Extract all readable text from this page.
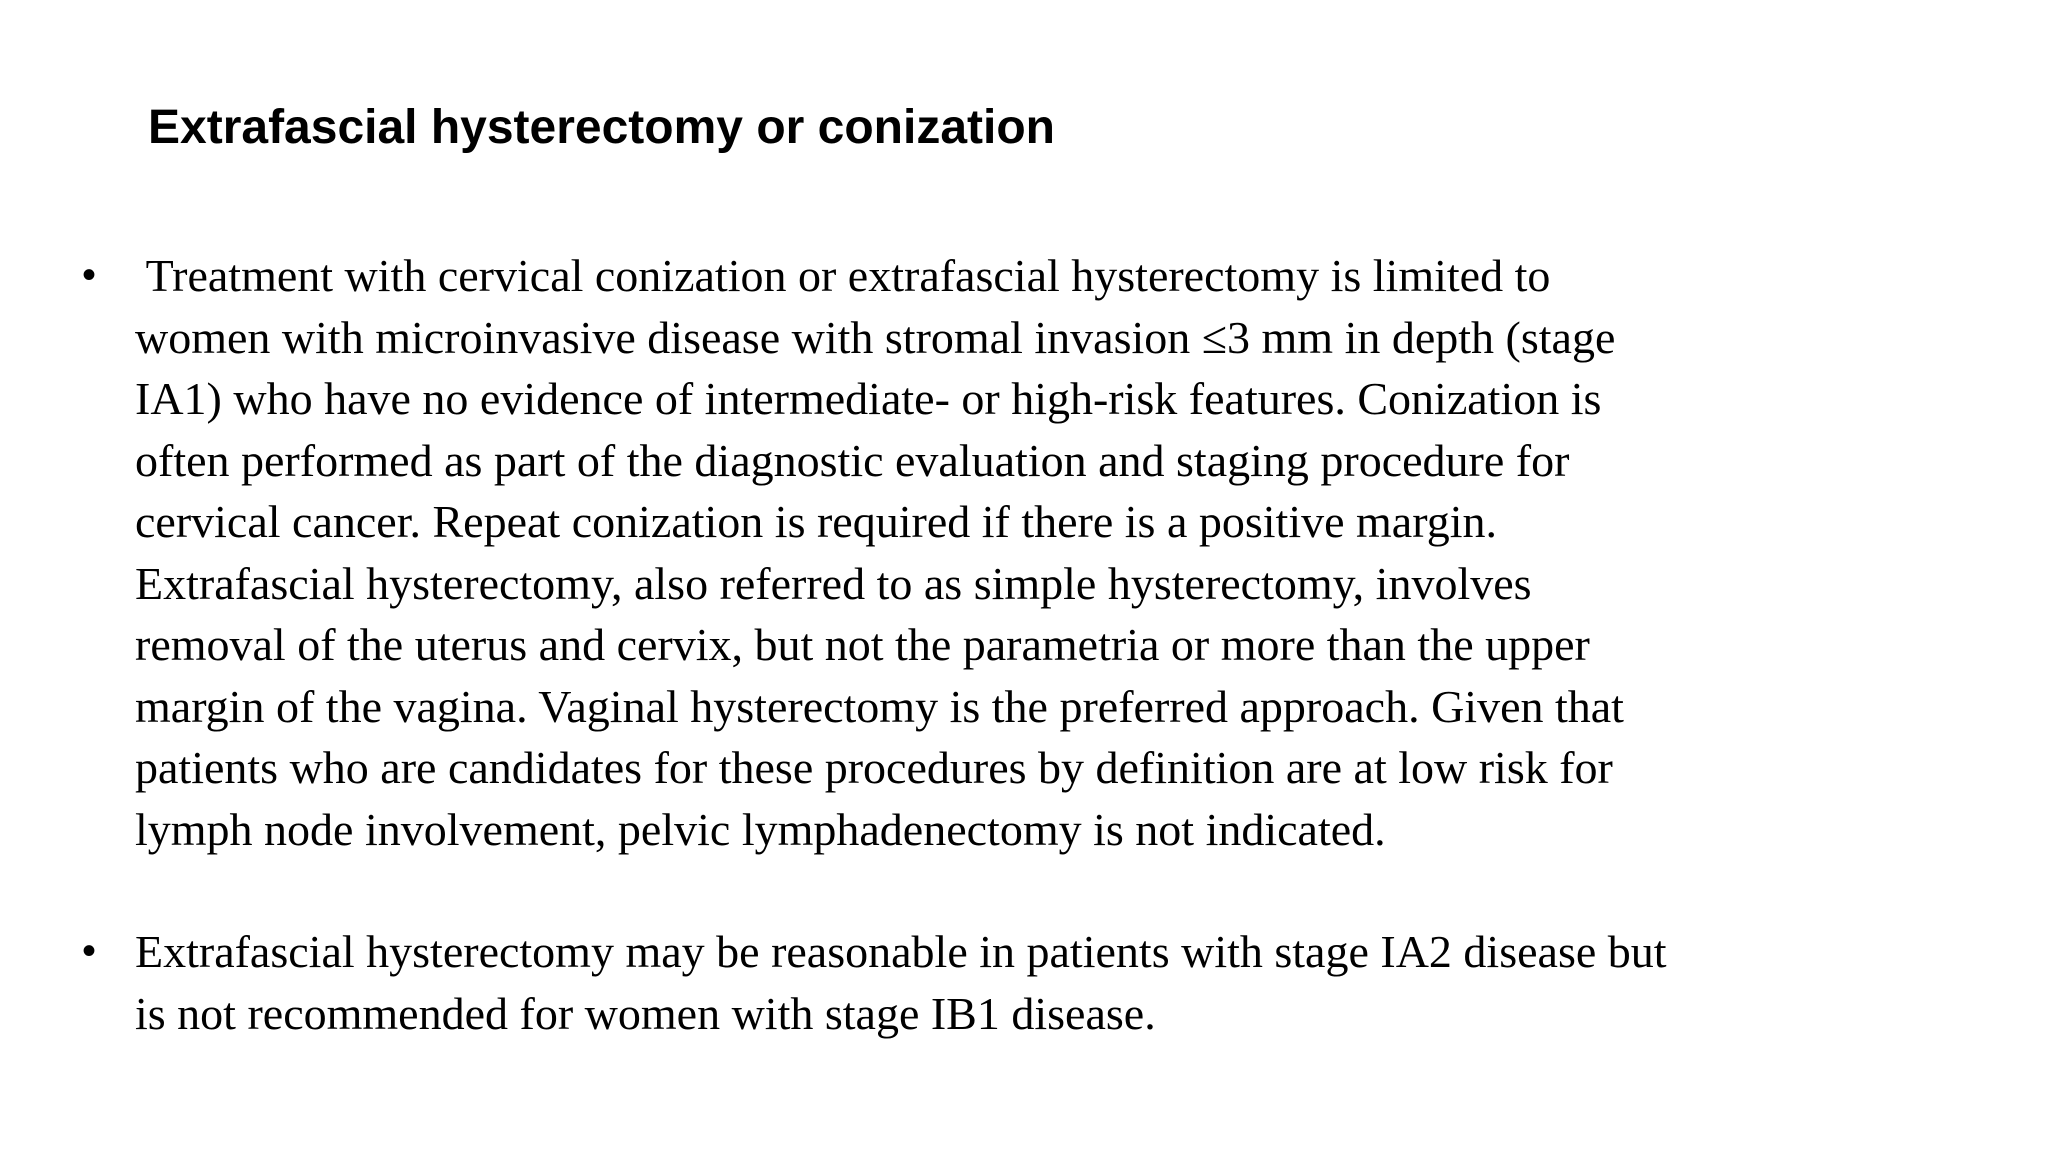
Extrafascial hysterectomy or conization
• Treatment with cervical conization or extrafascial hysterectomy is limited to
women with microinvasive disease with stromal invasion ≤3 mm in depth (stage
IA1) who have no evidence of intermediate- or high-risk features. Conization is
often performed as part of the diagnostic evaluation and staging procedure for
cervical cancer. Repeat conization is required if there is a positive margin.
Extrafascial hysterectomy, also referred to as simple hysterectomy, involves
removal of the uterus and cervix, but not the parametria or more than the upper
margin of the vagina. Vaginal hysterectomy is the preferred approach. Given that
patients who are candidates for these procedures by definition are at low risk for
lymph node involvement, pelvic lymphadenectomy is not indicated.
• Extrafascial hysterectomy may be reasonable in patients with stage IA2 disease but
is not recommended for women with stage IB1 disease.
